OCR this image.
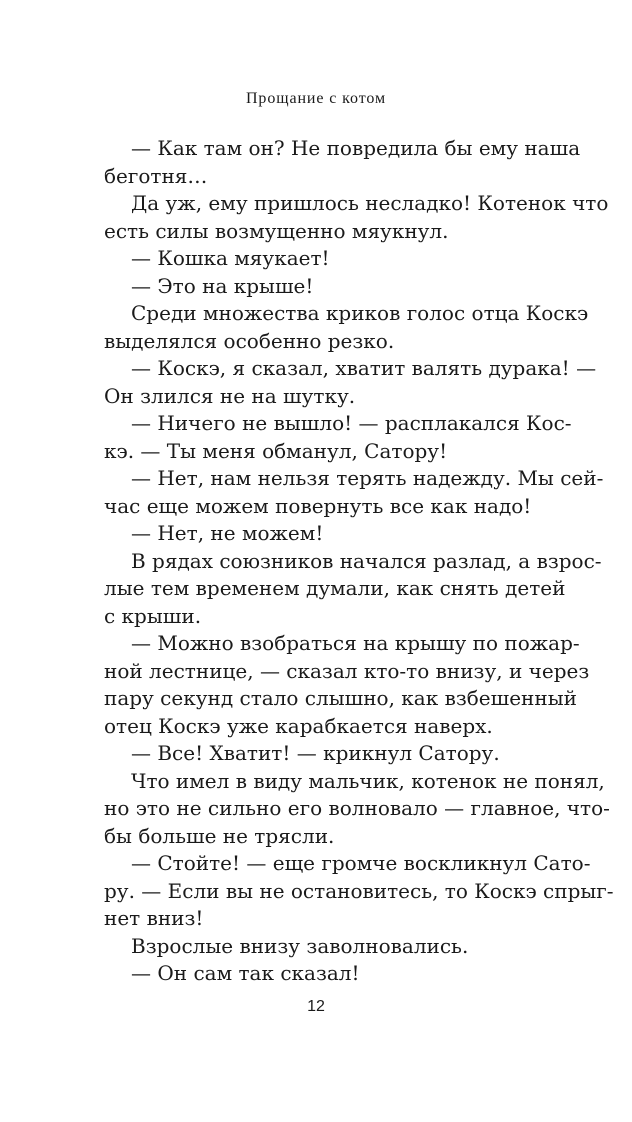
Прощание с котом
— Как там он? Не повредила бы ему наша
беготня…
Да уж, ему пришлось несладко! Котенок что
есть силы возмущенно мяукнул.
— Кошка мяукает!
— Это на крыше!
Среди множества криков голос отца Коскэ
выделялся особенно резко.
— Коскэ, я сказал, хватит валять дурака! —
Он злился не на шутку.
— Ничего не вышло! — расплакался Кос-
кэ. — Ты меня обманул, Сатору!
— Нет, нам нельзя терять надежду. Мы сей-
час еще можем повернуть все как надо!
— Нет, не можем!
В рядах союзников начался разлад, а взрос-
лые тем временем думали, как снять детей
с крыши.
— Можно взобраться на крышу по пожар-
ной лестнице, — сказал кто-то внизу, и через
пару секунд стало слышно, как взбешенный
отец Коскэ уже карабкается наверх.
— Все! Хватит! — крикнул Сатору.
Что имел в виду мальчик, котенок не понял,
но это не сильно его волновало — главное, что-
бы больше не трясли.
— Стойте! — еще громче воскликнул Сато-
ру. — Если вы не остановитесь, то Коскэ спрыг-
нет вниз!
Взрослые внизу заволновались.
— Он сам так сказал!
12
